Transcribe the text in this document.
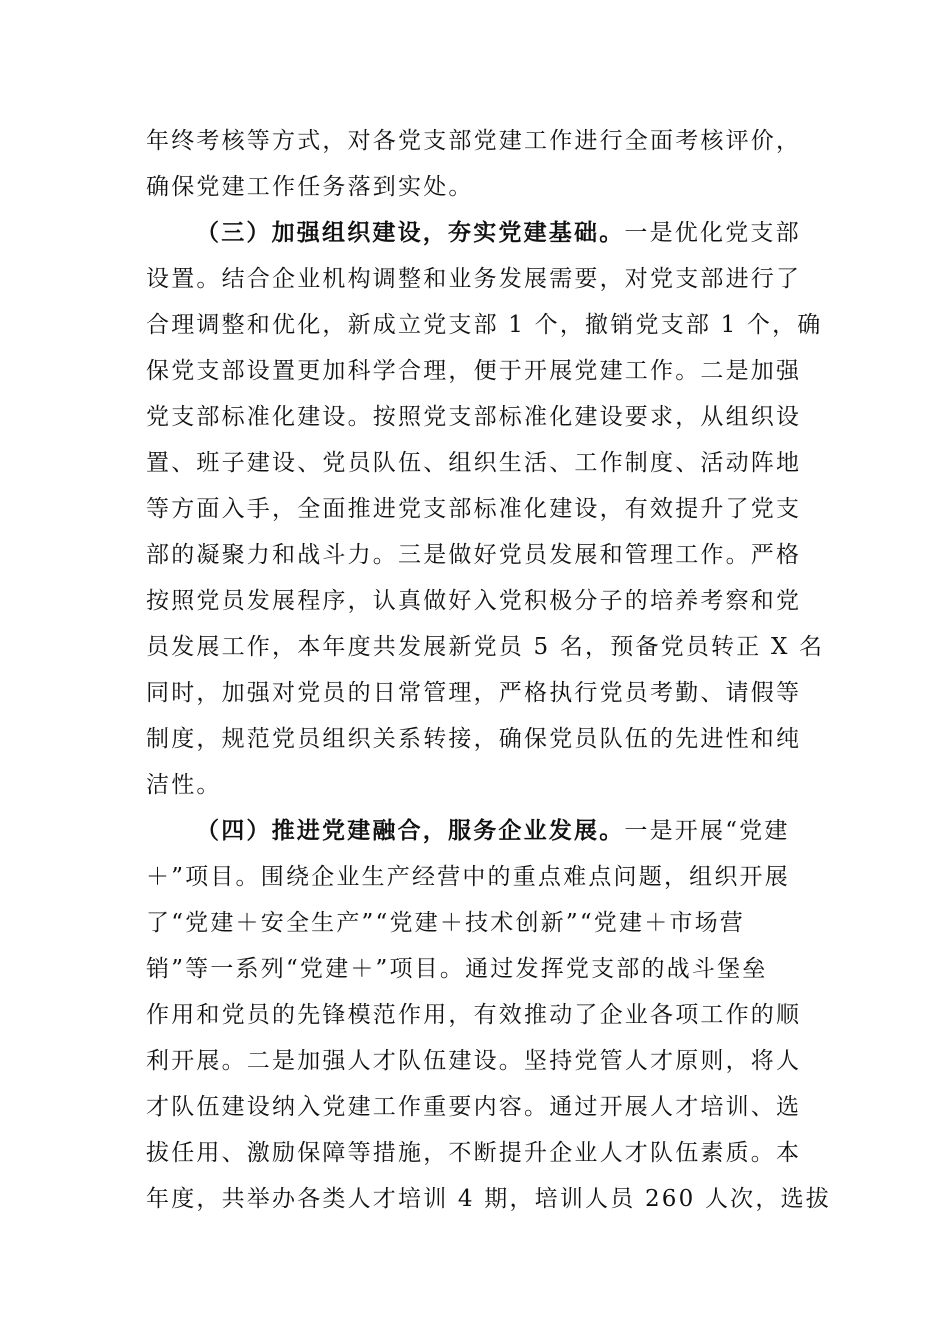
年终考核等方式，对各党支部党建工作进行全面考核评价，
确保党建工作任务落到实处。
（三）加强组织建设，夯实党建基础。一是优化党支部
设置。结合企业机构调整和业务发展需要，对党支部进行了
合理调整和优化，新成立党支部 1 个，撤销党支部 1 个，确
保党支部设置更加科学合理，便于开展党建工作。二是加强
党支部标准化建设。按照党支部标准化建设要求，从组织设
置、班子建设、党员队伍、组织生活、工作制度、活动阵地
等方面入手，全面推进党支部标准化建设，有效提升了党支
部的凝聚力和战斗力。三是做好党员发展和管理工作。严格
按照党员发展程序，认真做好入党积极分子的培养考察和党
员发展工作，本年度共发展新党员 5 名，预备党员转正 X 名
同时，加强对党员的日常管理，严格执行党员考勤、请假等
制度，规范党员组织关系转接，确保党员队伍的先进性和纯
洁性。
（四）推进党建融合，服务企业发展。一是开展“党建
＋”项目。围绕企业生产经营中的重点难点问题，组织开展
了“党建＋安全生产”“党建＋技术创新”“党建＋市场营
销”等一系列“党建＋”项目。通过发挥党支部的战斗堡垒
作用和党员的先锋模范作用，有效推动了企业各项工作的顺
利开展。二是加强人才队伍建设。坚持党管人才原则，将人
才队伍建设纳入党建工作重要内容。通过开展人才培训、选
拔任用、激励保障等措施，不断提升企业人才队伍素质。本
年度，共举办各类人才培训 4 期，培训人员 260 人次，选拔
